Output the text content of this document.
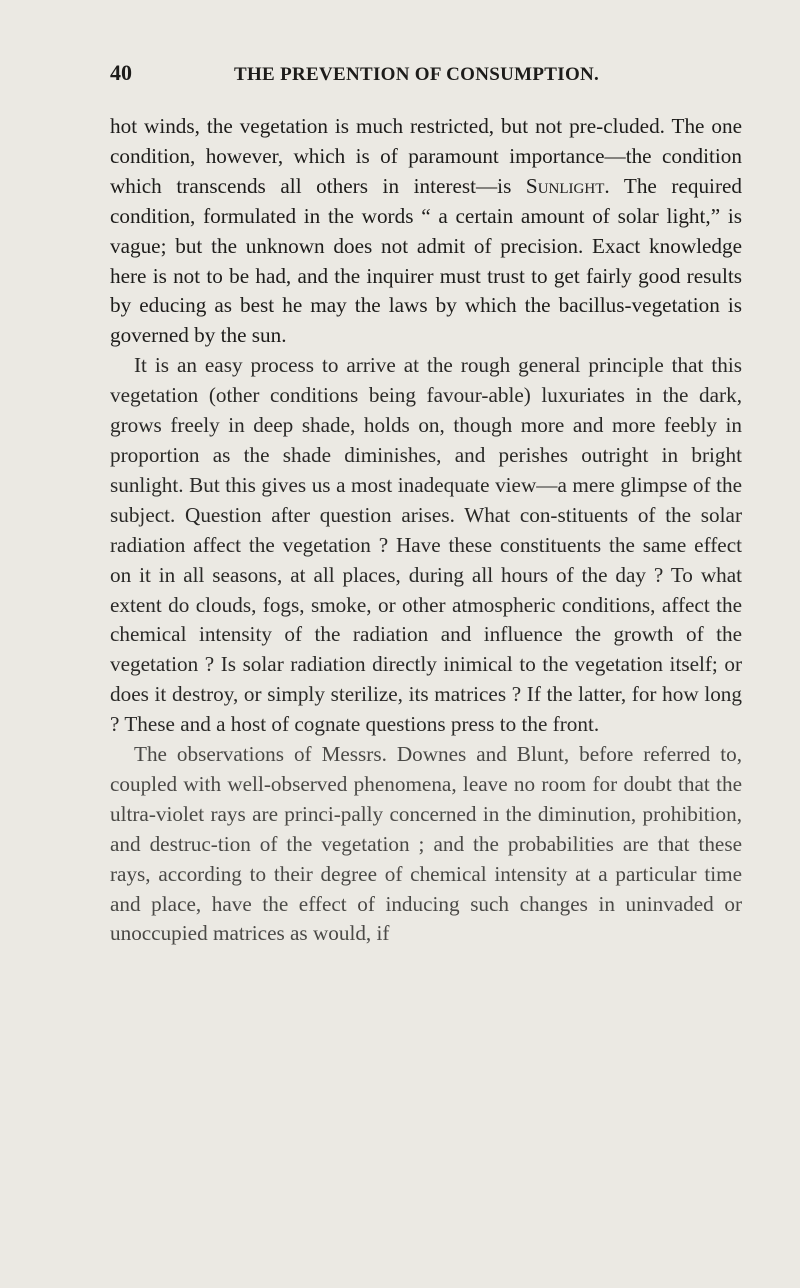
40	THE PREVENTION OF CONSUMPTION.

hot winds, the vegetation is much restricted, but not pre-cluded. The one condition, however, which is of paramount importance—the condition which transcends all others in interest—is Sunlight. The required condition, formulated in the words “ a certain amount of solar light,” is vague; but the unknown does not admit of precision. Exact knowledge here is not to be had, and the inquirer must trust to get fairly good results by educing as best he may the laws by which the bacillus-vegetation is governed by the sun.

It is an easy process to arrive at the rough general principle that this vegetation (other conditions being favour-able) luxuriates in the dark, grows freely in deep shade, holds on, though more and more feebly in proportion as the shade diminishes, and perishes outright in bright sunlight. But this gives us a most inadequate view—a mere glimpse of the subject. Question after question arises. What con-stituents of the solar radiation affect the vegetation ? Have these constituents the same effect on it in all seasons, at all places, during all hours of the day ? To what extent do clouds, fogs, smoke, or other atmospheric conditions, affect the chemical intensity of the radiation and influence the growth of the vegetation ? Is solar radiation directly inimical to the vegetation itself; or does it destroy, or simply sterilize, its matrices ? If the latter, for how long ? These and a host of cognate questions press to the front.

The observations of Messrs. Downes and Blunt, before referred to, coupled with well-observed phenomena, leave no room for doubt that the ultra-violet rays are princi-pally concerned in the diminution, prohibition, and destruc-tion of the vegetation ; and the probabilities are that these rays, according to their degree of chemical intensity at a particular time and place, have the effect of inducing such changes in uninvaded or unoccupied matrices as would, if
